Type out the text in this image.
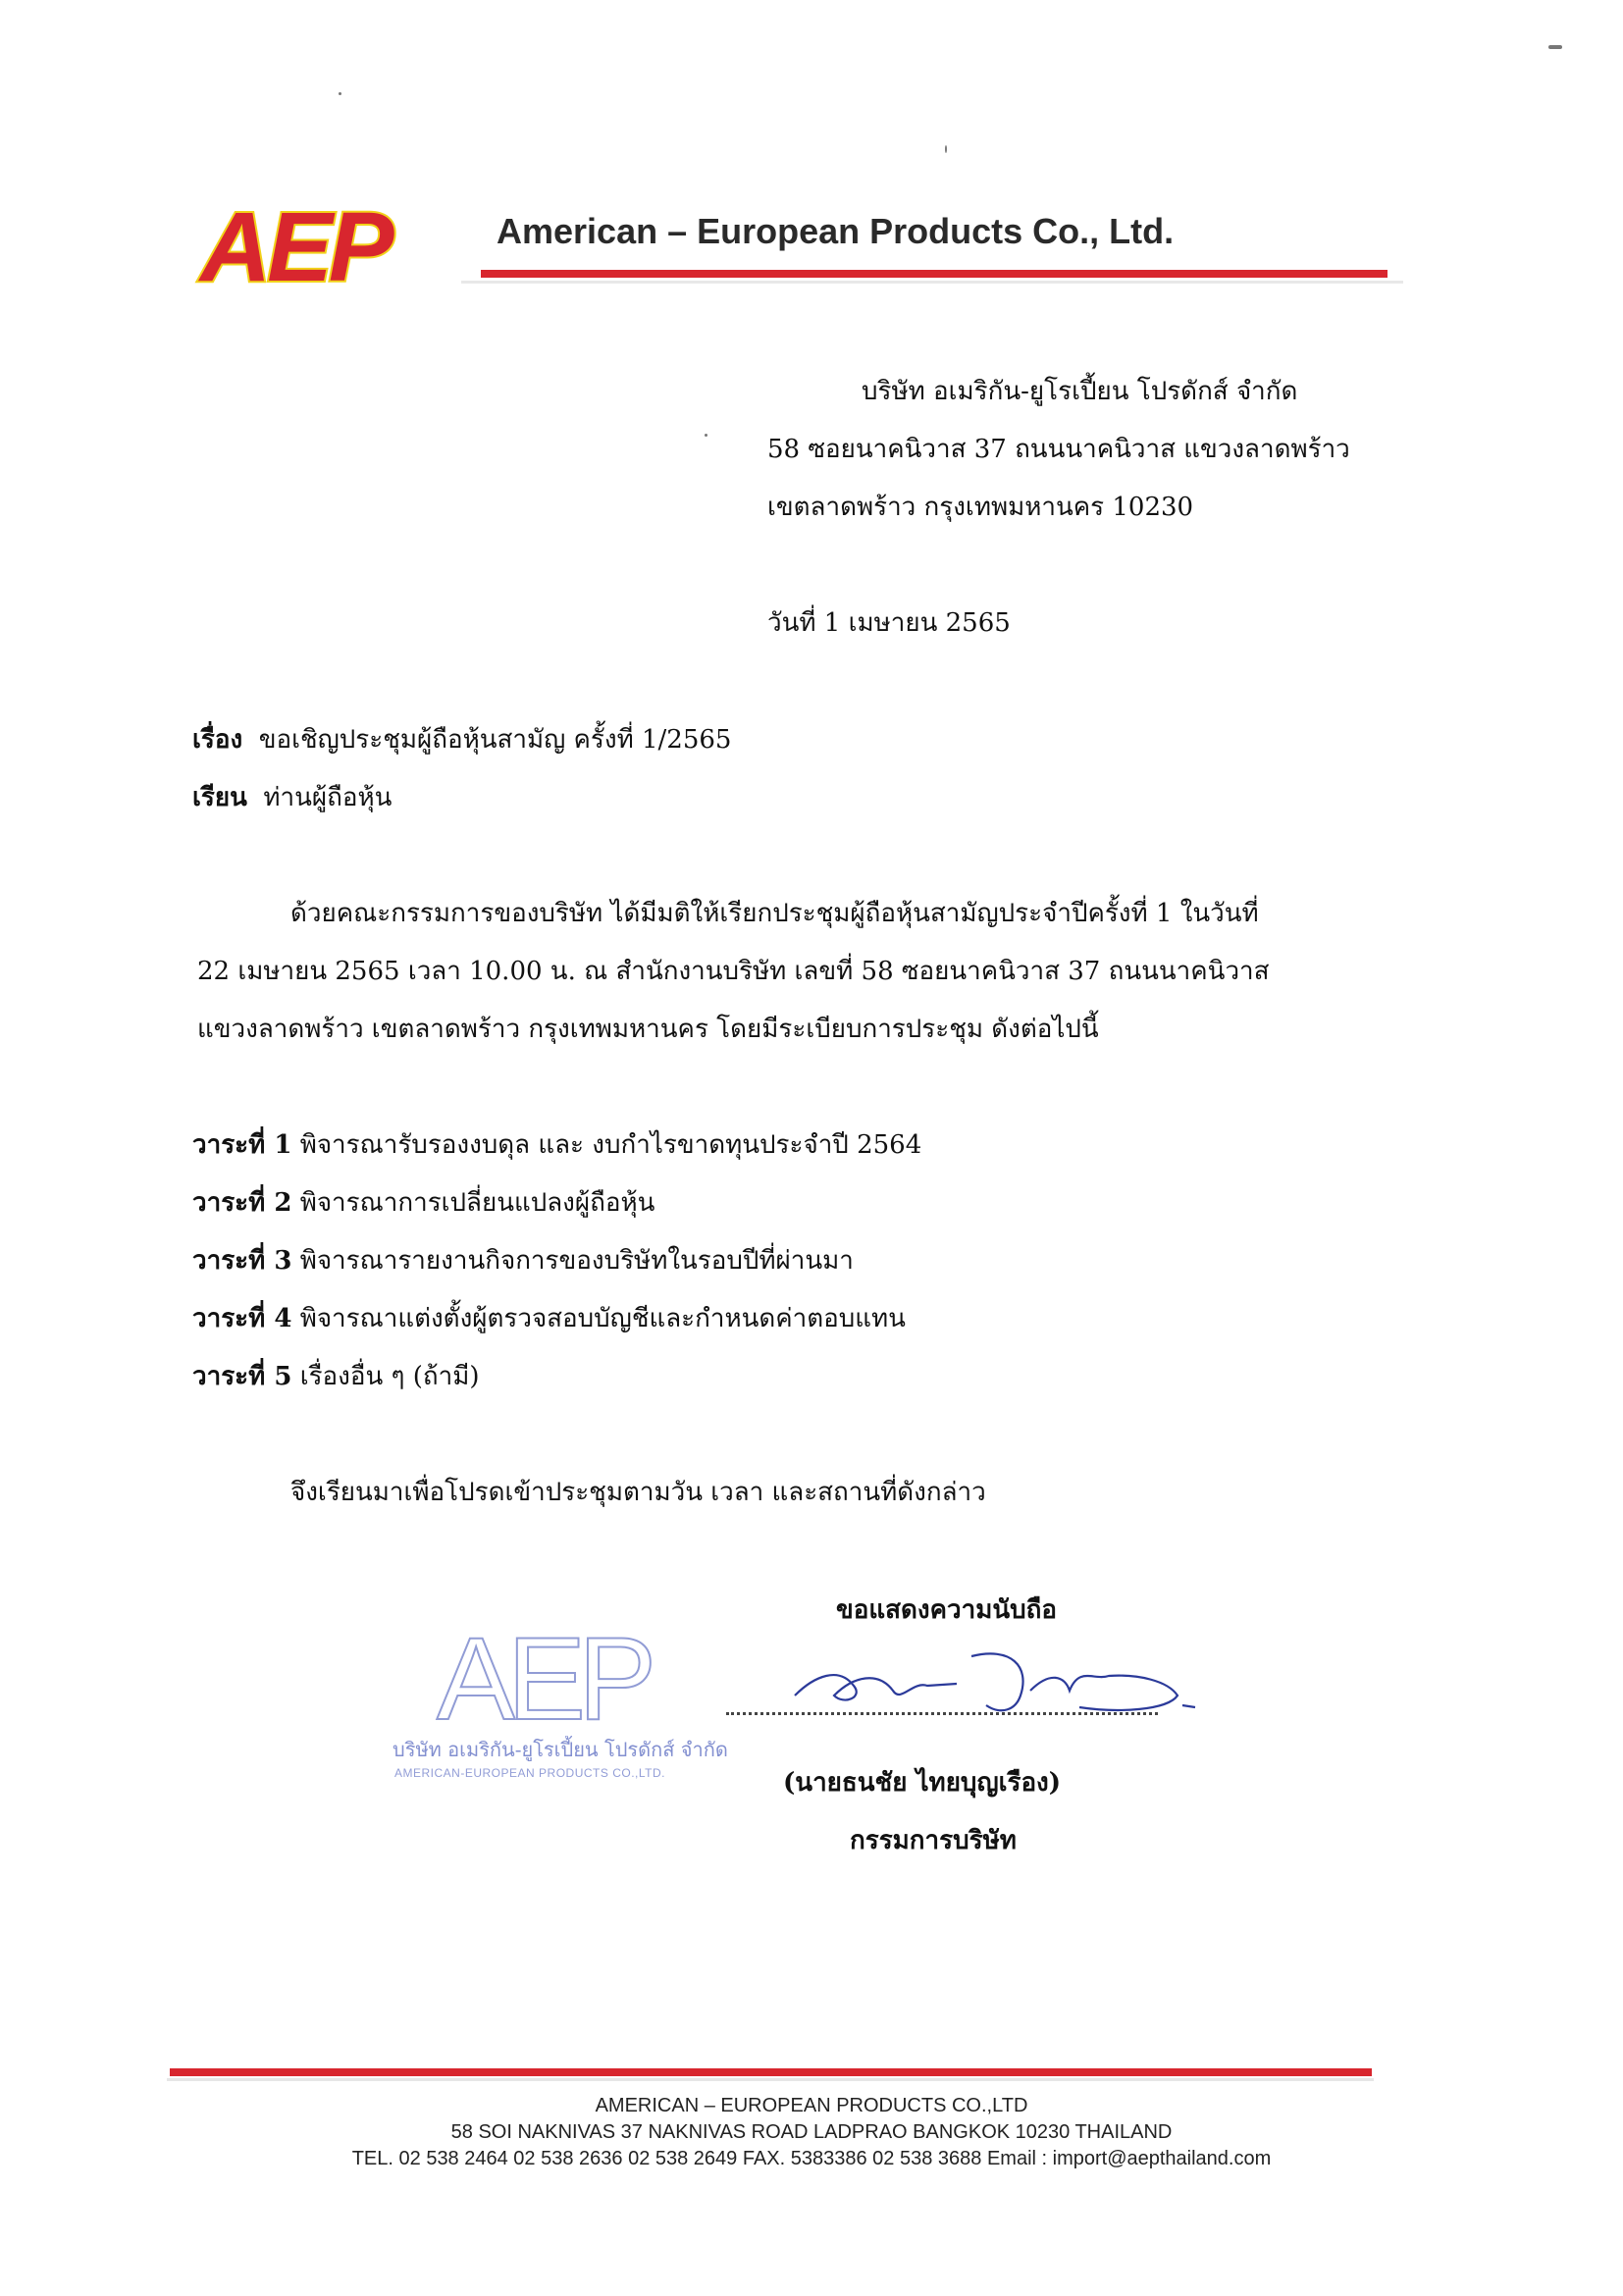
AEP	American – European Products Co., Ltd.
บริษัท อเมริกัน-ยูโรเปี้ยน โปรดักส์ จำกัด
58 ซอยนาคนิวาส 37 ถนนนาคนิวาส แขวงลาดพร้าว
เขตลาดพร้าว กรุงเทพมหานคร 10230
วันที่ 1 เมษายน 2565
เรื่อง ขอเชิญประชุมผู้ถือหุ้นสามัญ ครั้งที่ 1/2565
เรียน ท่านผู้ถือหุ้น
ด้วยคณะกรรมการของบริษัท ได้มีมติให้เรียกประชุมผู้ถือหุ้นสามัญประจำปีครั้งที่ 1 ในวันที่
22 เมษายน 2565 เวลา 10.00 น. ณ สำนักงานบริษัท เลขที่ 58 ซอยนาคนิวาส 37 ถนนนาคนิวาส
แขวงลาดพร้าว เขตลาดพร้าว กรุงเทพมหานคร โดยมีระเบียบการประชุม ดังต่อไปนี้
วาระที่ 1 พิจารณารับรองงบดุล และ งบกำไรขาดทุนประจำปี 2564
วาระที่ 2 พิจารณาการเปลี่ยนแปลงผู้ถือหุ้น
วาระที่ 3 พิจารณารายงานกิจการของบริษัทในรอบปีที่ผ่านมา
วาระที่ 4 พิจารณาแต่งตั้งผู้ตรวจสอบบัญชีและกำหนดค่าตอบแทน
วาระที่ 5 เรื่องอื่น ๆ (ถ้ามี)
จึงเรียนมาเพื่อโปรดเข้าประชุมตามวัน เวลา และสถานที่ดังกล่าว
AEP
บริษัท อเมริกัน-ยูโรเปี้ยน โปรดักส์ จำกัด
AMERICAN-EUROPEAN PRODUCTS CO.,LTD.
ขอแสดงความนับถือ
(นายธนชัย ไทยบุญเรือง)
กรรมการบริษัท
AMERICAN – EUROPEAN PRODUCTS CO.,LTD
58 SOI NAKNIVAS 37 NAKNIVAS ROAD LADPRAO BANGKOK 10230 THAILAND
TEL. 02 538 2464 02 538 2636 02 538 2649 FAX. 5383386 02 538 3688 Email : import@aepthailand.com
